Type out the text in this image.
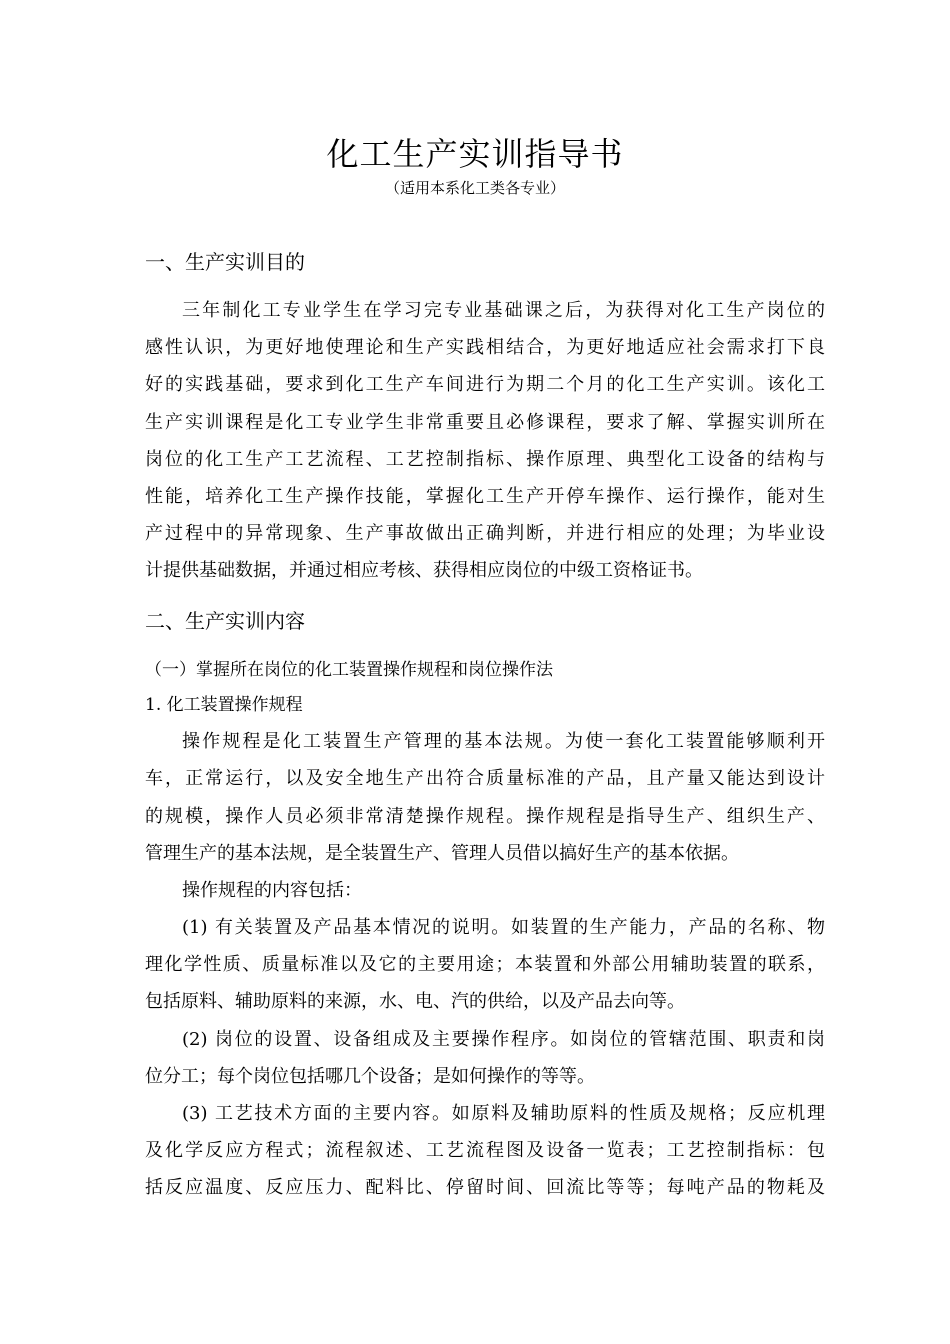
化工生产实训指导书
（适用本系化工类各专业）
一、生产实训目的
三年制化工专业学生在学习完专业基础课之后，为获得对化工生产岗位的
感性认识，为更好地使理论和生产实践相结合，为更好地适应社会需求打下良
好的实践基础，要求到化工生产车间进行为期二个月的化工生产实训。该化工
生产实训课程是化工专业学生非常重要且必修课程，要求了解、掌握实训所在
岗位的化工生产工艺流程、工艺控制指标、操作原理、典型化工设备的结构与
性能，培养化工生产操作技能，掌握化工生产开停车操作、运行操作，能对生
产过程中的异常现象、生产事故做出正确判断，并进行相应的处理；为毕业设
计提供基础数据，并通过相应考核、获得相应岗位的中级工资格证书。
二、生产实训内容
（一）掌握所在岗位的化工装置操作规程和岗位操作法
1. 化工装置操作规程
操作规程是化工装置生产管理的基本法规。为使一套化工装置能够顺利开
车，正常运行，以及安全地生产出符合质量标准的产品，且产量又能达到设计
的规模，操作人员必须非常清楚操作规程。操作规程是指导生产、组织生产、
管理生产的基本法规，是全装置生产、管理人员借以搞好生产的基本依据。
操作规程的内容包括：
(1) 有关装置及产品基本情况的说明。如装置的生产能力，产品的名称、物
理化学性质、质量标准以及它的主要用途；本装置和外部公用辅助装置的联系，
包括原料、辅助原料的来源，水、电、汽的供给，以及产品去向等。
(2) 岗位的设置、设备组成及主要操作程序。如岗位的管辖范围、职责和岗
位分工；每个岗位包括哪几个设备；是如何操作的等等。
(3) 工艺技术方面的主要内容。如原料及辅助原料的性质及规格；反应机理
及化学反应方程式；流程叙述、工艺流程图及设备一览表；工艺控制指标：包
括反应温度、反应压力、配料比、停留时间、回流比等等；每吨产品的物耗及
